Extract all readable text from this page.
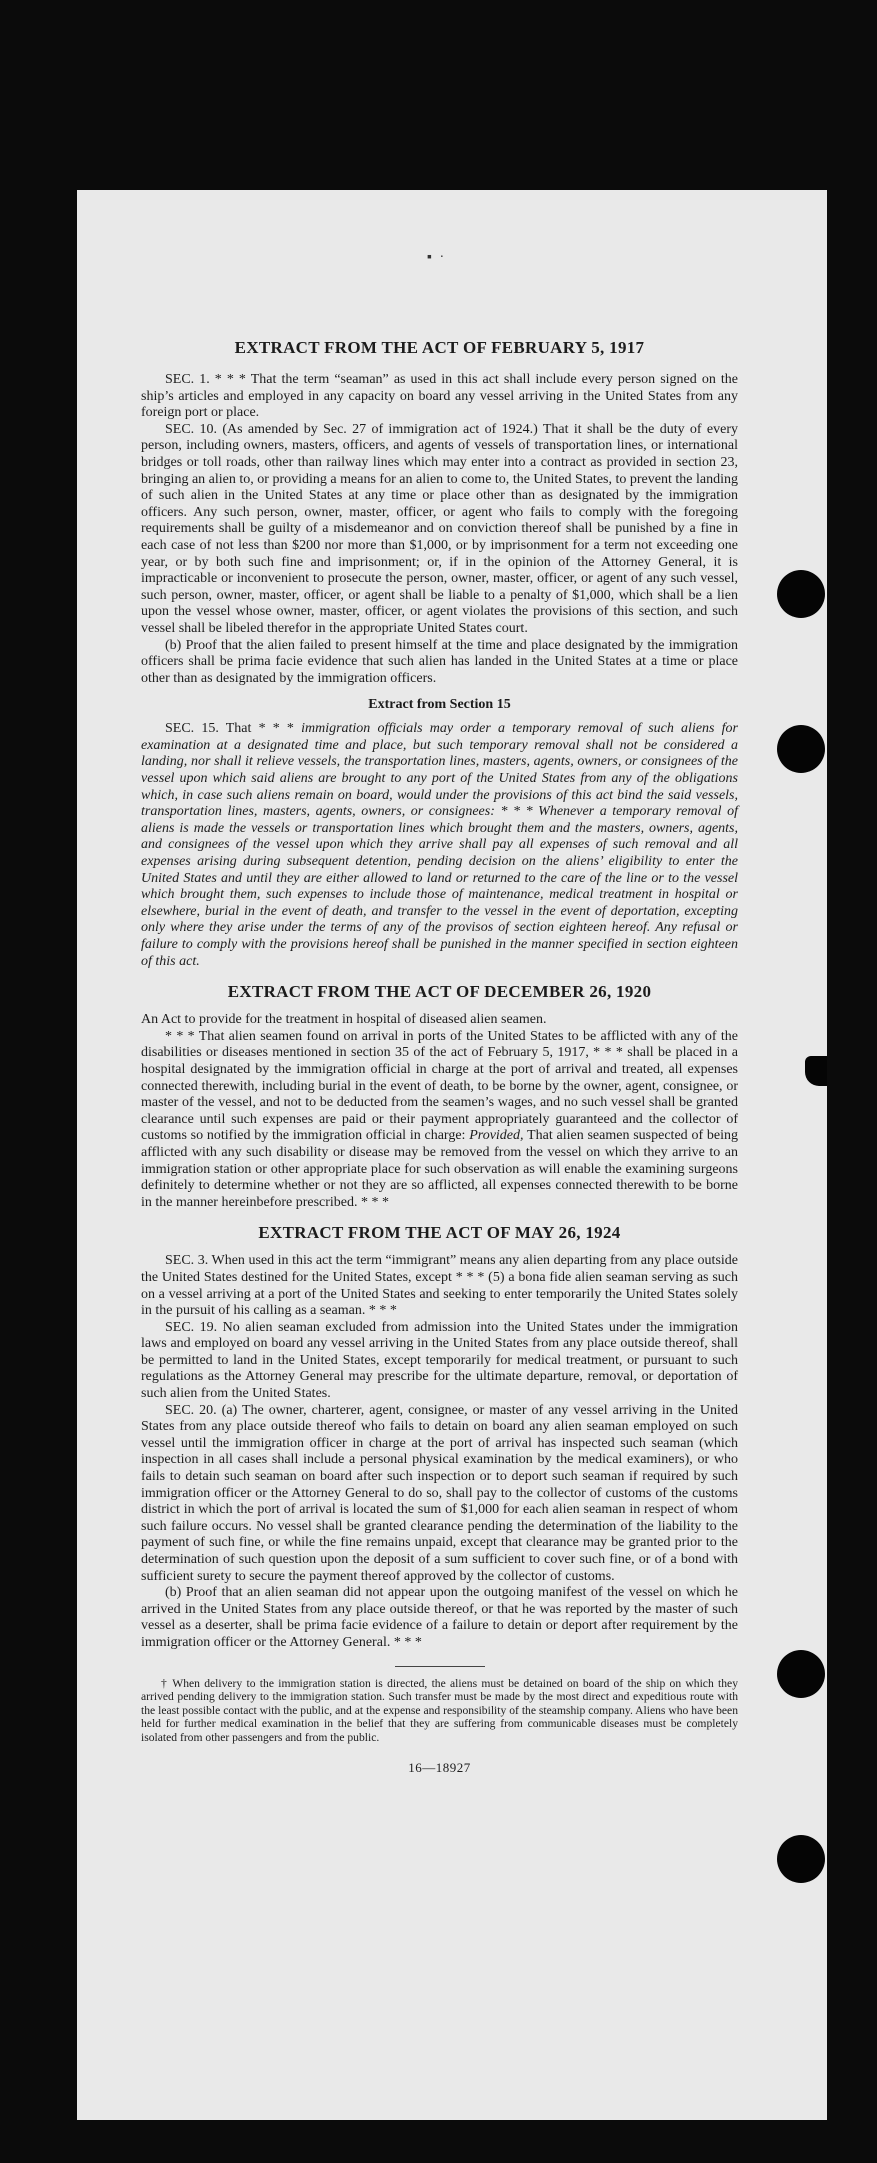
▪ ·
EXTRACT FROM THE ACT OF FEBRUARY 5, 1917

SEC. 1. * * * That the term “seaman” as used in this act shall include every person signed on the ship’s articles and employed in any capacity on board any vessel arriving in the United States from any foreign port or place.

SEC. 10. (As amended by Sec. 27 of immigration act of 1924.) That it shall be the duty of every person, including owners, masters, officers, and agents of vessels of transportation lines, or international bridges or toll roads, other than railway lines which may enter into a contract as provided in section 23, bringing an alien to, or providing a means for an alien to come to, the United States, to prevent the landing of such alien in the United States at any time or place other than as designated by the immigration officers. Any such person, owner, master, officer, or agent who fails to comply with the foregoing requirements shall be guilty of a misdemeanor and on conviction thereof shall be punished by a fine in each case of not less than $200 nor more than $1,000, or by imprisonment for a term not exceeding one year, or by both such fine and imprisonment; or, if in the opinion of the Attorney General, it is impracticable or inconvenient to prosecute the person, owner, master, officer, or agent of any such vessel, such person, owner, master, officer, or agent shall be liable to a penalty of $1,000, which shall be a lien upon the vessel whose owner, master, officer, or agent violates the provisions of this section, and such vessel shall be libeled therefor in the appropriate United States court.

(b) Proof that the alien failed to present himself at the time and place designated by the immigration officers shall be prima facie evidence that such alien has landed in the United States at a time or place other than as designated by the immigration officers.

Extract from Section 15

SEC. 15. That * * * immigration officials may order a temporary removal of such aliens for examination at a designated time and place, but such temporary removal shall not be considered a landing, nor shall it relieve vessels, the transportation lines, masters, agents, owners, or consignees of the vessel upon which said aliens are brought to any port of the United States from any of the obligations which, in case such aliens remain on board, would under the provisions of this act bind the said vessels, transportation lines, masters, agents, owners, or consignees: * * * Whenever a temporary removal of aliens is made the vessels or transportation lines which brought them and the masters, owners, agents, and consignees of the vessel upon which they arrive shall pay all expenses of such removal and all expenses arising during subsequent detention, pending decision on the aliens’ eligibility to enter the United States and until they are either allowed to land or returned to the care of the line or to the vessel which brought them, such expenses to include those of maintenance, medical treatment in hospital or elsewhere, burial in the event of death, and transfer to the vessel in the event of deportation, excepting only where they arise under the terms of any of the provisos of section eighteen hereof. Any refusal or failure to comply with the provisions hereof shall be punished in the manner specified in section eighteen of this act.

EXTRACT FROM THE ACT OF DECEMBER 26, 1920

An Act to provide for the treatment in hospital of diseased alien seamen.

* * * That alien seamen found on arrival in ports of the United States to be afflicted with any of the disabilities or diseases mentioned in section 35 of the act of February 5, 1917, * * * shall be placed in a hospital designated by the immigration official in charge at the port of arrival and treated, all expenses connected therewith, including burial in the event of death, to be borne by the owner, agent, consignee, or master of the vessel, and not to be deducted from the seamen’s wages, and no such vessel shall be granted clearance until such expenses are paid or their payment appropriately guaranteed and the collector of customs so notified by the immigration official in charge: Provided, That alien seamen suspected of being afflicted with any such disability or disease may be removed from the vessel on which they arrive to an immigration station or other appropriate place for such observation as will enable the examining surgeons definitely to determine whether or not they are so afflicted, all expenses connected therewith to be borne in the manner hereinbefore prescribed. * * *

EXTRACT FROM THE ACT OF MAY 26, 1924

SEC. 3. When used in this act the term “immigrant” means any alien departing from any place outside the United States destined for the United States, except * * * (5) a bona fide alien seaman serving as such on a vessel arriving at a port of the United States and seeking to enter temporarily the United States solely in the pursuit of his calling as a seaman. * * *

SEC. 19. No alien seaman excluded from admission into the United States under the immigration laws and employed on board any vessel arriving in the United States from any place outside thereof, shall be permitted to land in the United States, except temporarily for medical treatment, or pursuant to such regulations as the Attorney General may prescribe for the ultimate departure, removal, or deportation of such alien from the United States.

SEC. 20. (a) The owner, charterer, agent, consignee, or master of any vessel arriving in the United States from any place outside thereof who fails to detain on board any alien seaman employed on such vessel until the immigration officer in charge at the port of arrival has inspected such seaman (which inspection in all cases shall include a personal physical examination by the medical examiners), or who fails to detain such seaman on board after such inspection or to deport such seaman if required by such immigration officer or the Attorney General to do so, shall pay to the collector of customs of the customs district in which the port of arrival is located the sum of $1,000 for each alien seaman in respect of whom such failure occurs. No vessel shall be granted clearance pending the determination of the liability to the payment of such fine, or while the fine remains unpaid, except that clearance may be granted prior to the determination of such question upon the deposit of a sum sufficient to cover such fine, or of a bond with sufficient surety to secure the payment thereof approved by the collector of customs.

(b) Proof that an alien seaman did not appear upon the outgoing manifest of the vessel on which he arrived in the United States from any place outside thereof, or that he was reported by the master of such vessel as a deserter, shall be prima facie evidence of a failure to detain or deport after requirement by the immigration officer or the Attorney General. * * *

† When delivery to the immigration station is directed, the aliens must be detained on board of the ship on which they arrived pending delivery to the immigration station. Such transfer must be made by the most direct and expeditious route with the least possible contact with the public, and at the expense and responsibility of the steamship company. Aliens who have been held for further medical examination in the belief that they are suffering from communicable diseases must be completely isolated from other passengers and from the public.

16—18927
